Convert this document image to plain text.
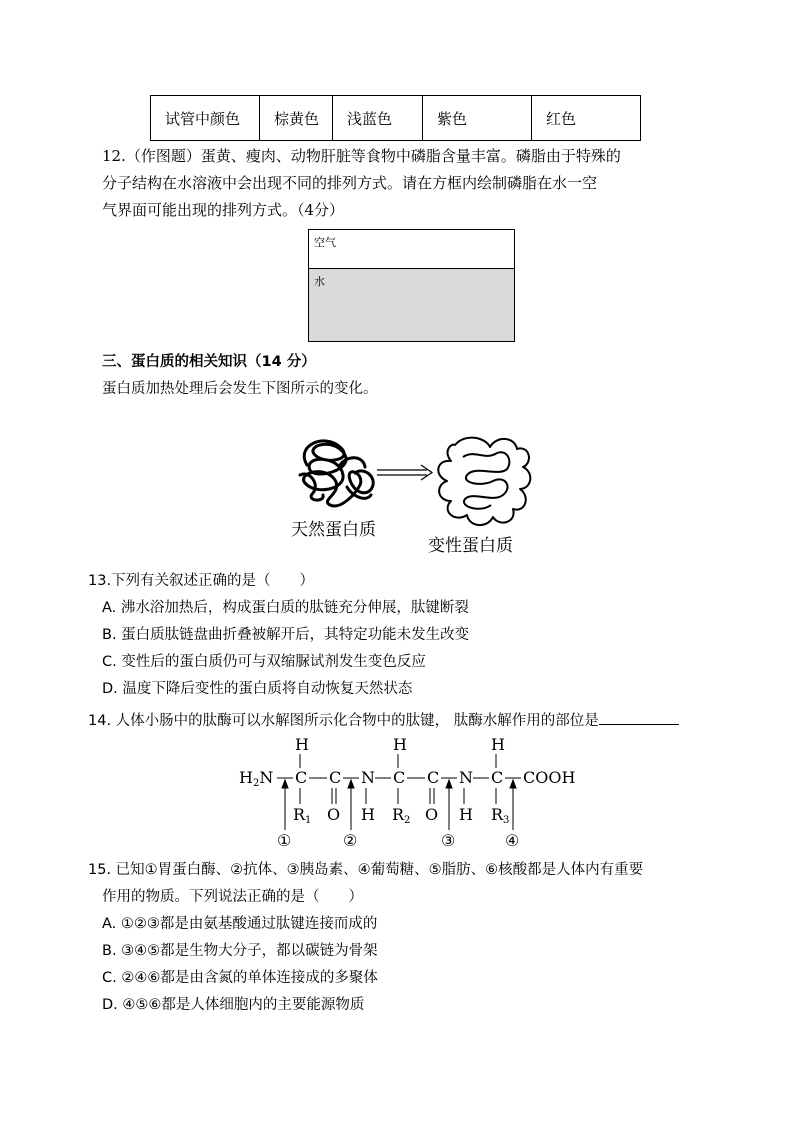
试管中颜色	棕黄色	浅蓝色	紫色	红色
12.（作图题）蛋黄、瘦肉、动物肝脏等食物中磷脂含量丰富。磷脂由于特殊的
分子结构在水溶液中会出现不同的排列方式。请在方框内绘制磷脂在水一空
气界面可能出现的排列方式。（4分）
空气
水
三、蛋白质的相关知识（14 分）
蛋白质加热处理后会发生下图所示的变化。
天然蛋白质
变性蛋白质
13.下列有关叙述正确的是（　　）
A. 沸水浴加热后，构成蛋白质的肽链充分伸展，肽键断裂
B. 蛋白质肽链盘曲折叠被解开后，其特定功能未发生改变
C. 变性后的蛋白质仍可与双缩脲试剂发生变色反应
D. 温度下降后变性的蛋白质将自动恢复天然状态
14. 人体小肠中的肽酶可以水解图所示化合物中的肽键， 肽酶水解作用的部位是
H	H	H
H2N C C N C C N C COOH
R1 O H R2 O H R3
①	②	③	④
15. 已知①胃蛋白酶、②抗体、③胰岛素、④葡萄糖、⑤脂肪、⑥核酸都是人体内有重要
作用的物质。下列说法正确的是（　　）
A. ①②③都是由氨基酸通过肽键连接而成的
B. ③④⑤都是生物大分子，都以碳链为骨架
C. ②④⑥都是由含氮的单体连接成的多聚体
D. ④⑤⑥都是人体细胞内的主要能源物质
